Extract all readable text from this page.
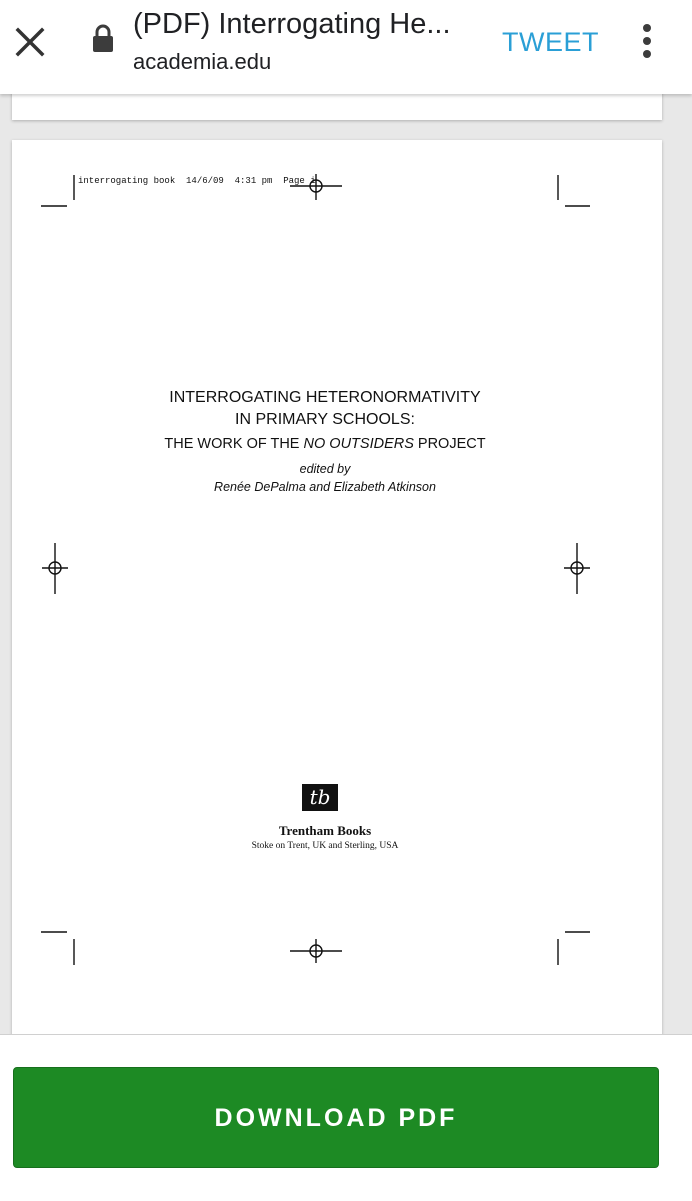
(PDF) Interrogating He...
academia.edu
TWEET
interrogating book  14/6/09  4:31 pm  Page i
INTERROGATING HETERONORMATIVITY
IN PRIMARY SCHOOLS:
THE WORK OF THE NO OUTSIDERS PROJECT
edited by
Renée DePalma and Elizabeth Atkinson
tb
Trentham Books
Stoke on Trent, UK and Sterling, USA
DOWNLOAD PDF
